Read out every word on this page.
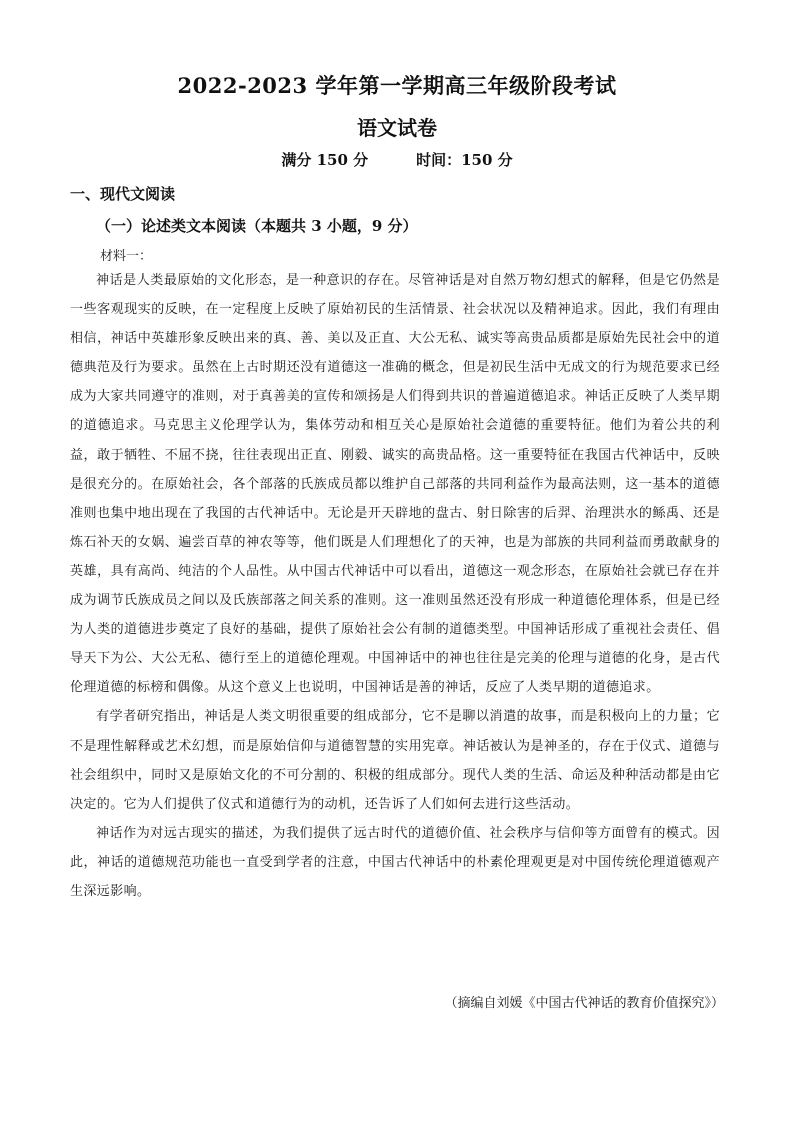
2022-2023 学年第一学期高三年级阶段考试
语文试卷
满分 150 分	时间：150 分
一、现代文阅读
（一）论述类文本阅读（本题共 3 小题，9 分）
材料一：

神话是人类最原始的文化形态，是一种意识的存在。尽管神话是对自然万物幻想式的解释，但是它仍然是一些客观现实的反映，在一定程度上反映了原始初民的生活情景、社会状况以及精神追求。因此，我们有理由相信，神话中英雄形象反映出来的真、善、美以及正直、大公无私、诚实等高贵品质都是原始先民社会中的道德典范及行为要求。虽然在上古时期还没有道德这一准确的概念，但是初民生活中无成文的行为规范要求已经成为大家共同遵守的准则，对于真善美的宣传和颂扬是人们得到共识的普遍道德追求。神话正反映了人类早期的道德追求。马克思主义伦理学认为，集体劳动和相互关心是原始社会道德的重要特征。他们为着公共的利益，敢于牺牲、不屈不挠，往往表现出正直、刚毅、诚实的高贵品格。这一重要特征在我国古代神话中，反映是很充分的。在原始社会，各个部落的氏族成员都以维护自己部落的共同利益作为最高法则，这一基本的道德准则也集中地出现在了我国的古代神话中。无论是开天辟地的盘古、射日除害的后羿、治理洪水的鲧禹、还是炼石补天的女娲、遍尝百草的神农等等，他们既是人们理想化了的天神，也是为部族的共同利益而勇敢献身的英雄，具有高尚、纯洁的个人品性。从中国古代神话中可以看出，道德这一观念形态，在原始社会就已存在并成为调节氏族成员之间以及氏族部落之间关系的准则。这一准则虽然还没有形成一种道德伦理体系，但是已经为人类的道德进步奠定了良好的基础，提供了原始社会公有制的道德类型。中国神话形成了重视社会责任、倡导天下为公、大公无私、德行至上的道德伦理观。中国神话中的神也往往是完美的伦理与道德的化身，是古代伦理道德的标榜和偶像。从这个意义上也说明，中国神话是善的神话，反应了人类早期的道德追求。

有学者研究指出，神话是人类文明很重要的组成部分，它不是聊以消遣的故事，而是积极向上的力量；它不是理性解释或艺术幻想，而是原始信仰与道德智慧的实用宪章。神话被认为是神圣的，存在于仪式、道德与社会组织中，同时又是原始文化的不可分割的、积极的组成部分。现代人类的生活、命运及种种活动都是由它决定的。它为人们提供了仪式和道德行为的动机，还告诉了人们如何去进行这些活动。

神话作为对远古现实的描述，为我们提供了远古时代的道德价值、社会秩序与信仰等方面曾有的模式。因此，神话的道德规范功能也一直受到学者的注意，中国古代神话中的朴素伦理观更是对中国传统伦理道德观产生深远影响。

（摘编自刘媛《中国古代神话的教育价值探究》）
